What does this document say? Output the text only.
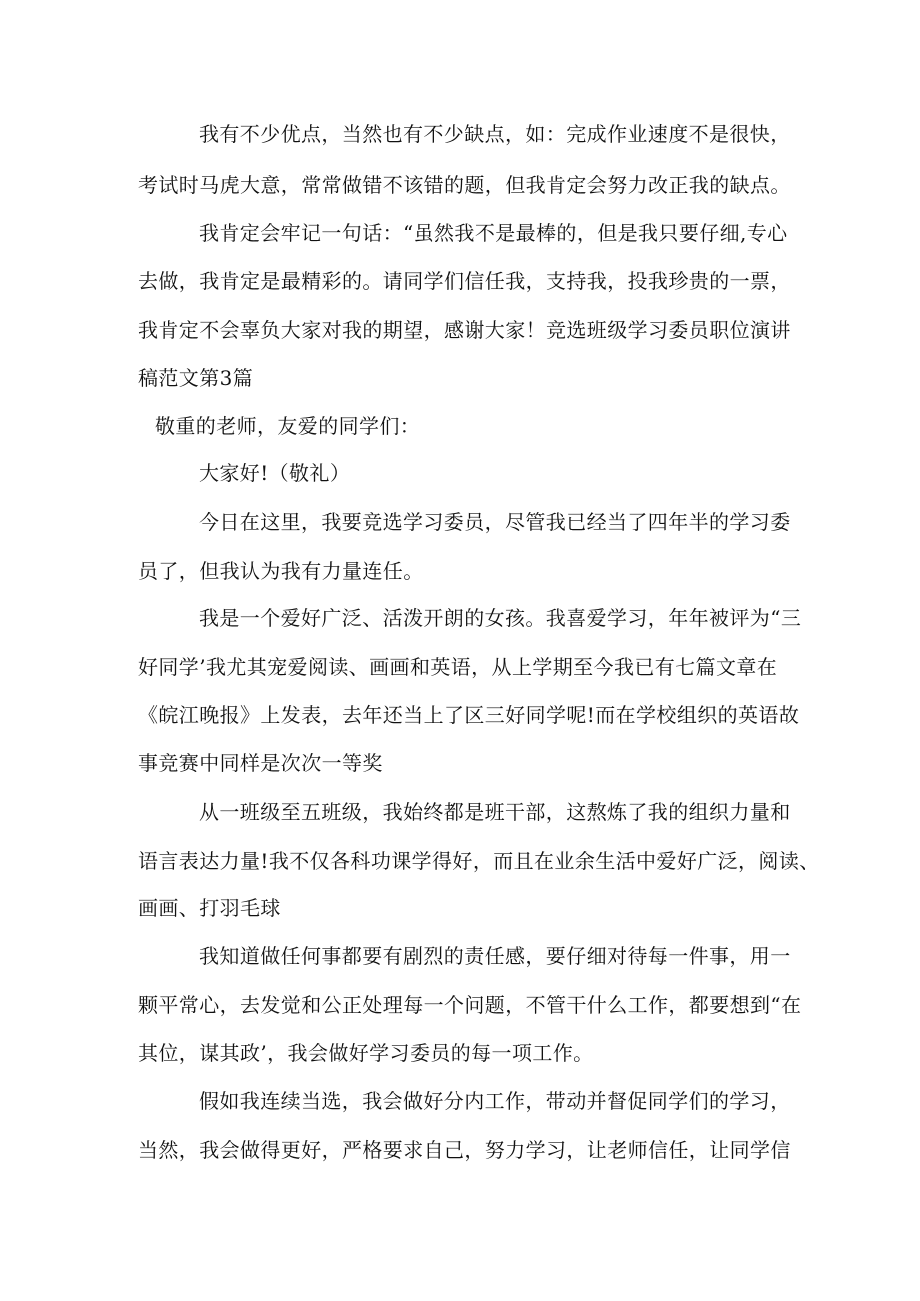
我有不少优点，当然也有不少缺点，如：完成作业速度不是很快，
考试时马虎大意，常常做错不该错的题，但我肯定会努力改正我的缺点。
我肯定会牢记一句话：“虽然我不是最棒的，但是我只要仔细,专心
去做，我肯定是最精彩的。请同学们信任我，支持我，投我珍贵的一票，
我肯定不会辜负大家对我的期望，感谢大家！竞选班级学习委员职位演讲
稿范文第3篇
敬重的老师，友爱的同学们：
大家好!（敬礼）
今日在这里，我要竞选学习委员，尽管我已经当了四年半的学习委
员了，但我认为我有力量连任。
我是一个爱好广泛、活泼开朗的女孩。我喜爱学习，年年被评为“三
好同学’我尤其宠爱阅读、画画和英语，从上学期至今我已有七篇文章在
《皖江晚报》上发表，去年还当上了区三好同学呢!而在学校组织的英语故
事竞赛中同样是次次一等奖
从一班级至五班级，我始终都是班干部，这熬炼了我的组织力量和
语言表达力量!我不仅各科功课学得好，而且在业余生活中爱好广泛，阅读、
画画、打羽毛球
我知道做任何事都要有剧烈的责任感，要仔细对待每一件事，用一
颗平常心，去发觉和公正处理每一个问题，不管干什么工作，都要想到“在
其位，谋其政’，我会做好学习委员的每一项工作。
假如我连续当选，我会做好分内工作，带动并督促同学们的学习，
当然，我会做得更好，严格要求自己，努力学习，让老师信任，让同学信
